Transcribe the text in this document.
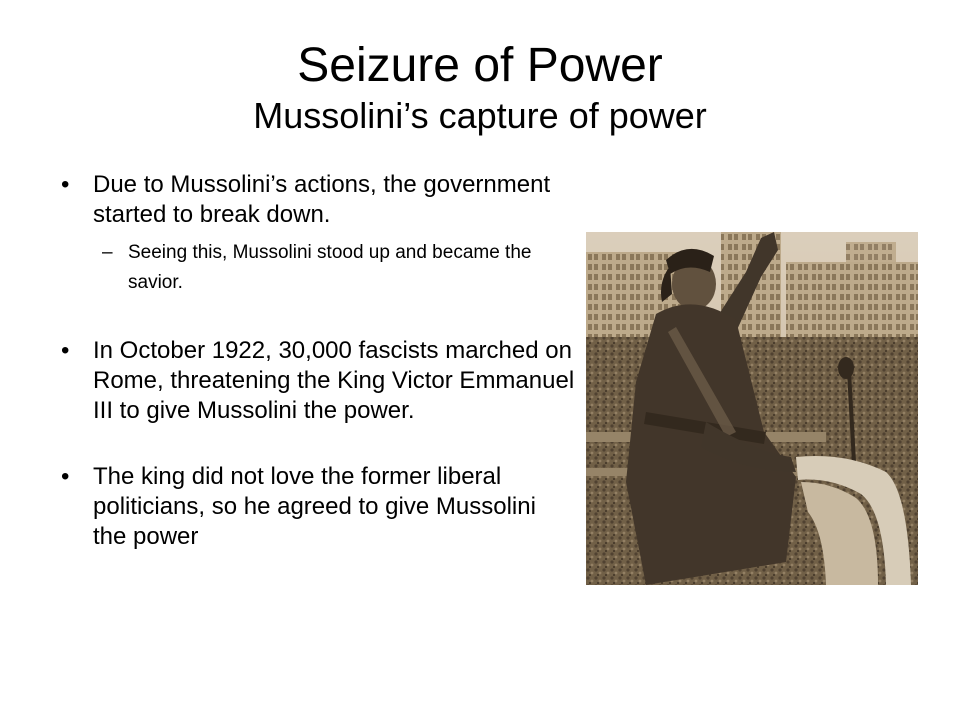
Seizure of Power
Mussolini’s capture of power
• Due to Mussolini’s actions, the government started to break down.
– Seeing this, Mussolini stood up and became the savior.
• In October 1922, 30,000 fascists marched on Rome, threatening the King Victor Emmanuel III to give Mussolini the power.
• The king did not love the former liberal politicians, so he agreed to give Mussolini the power
